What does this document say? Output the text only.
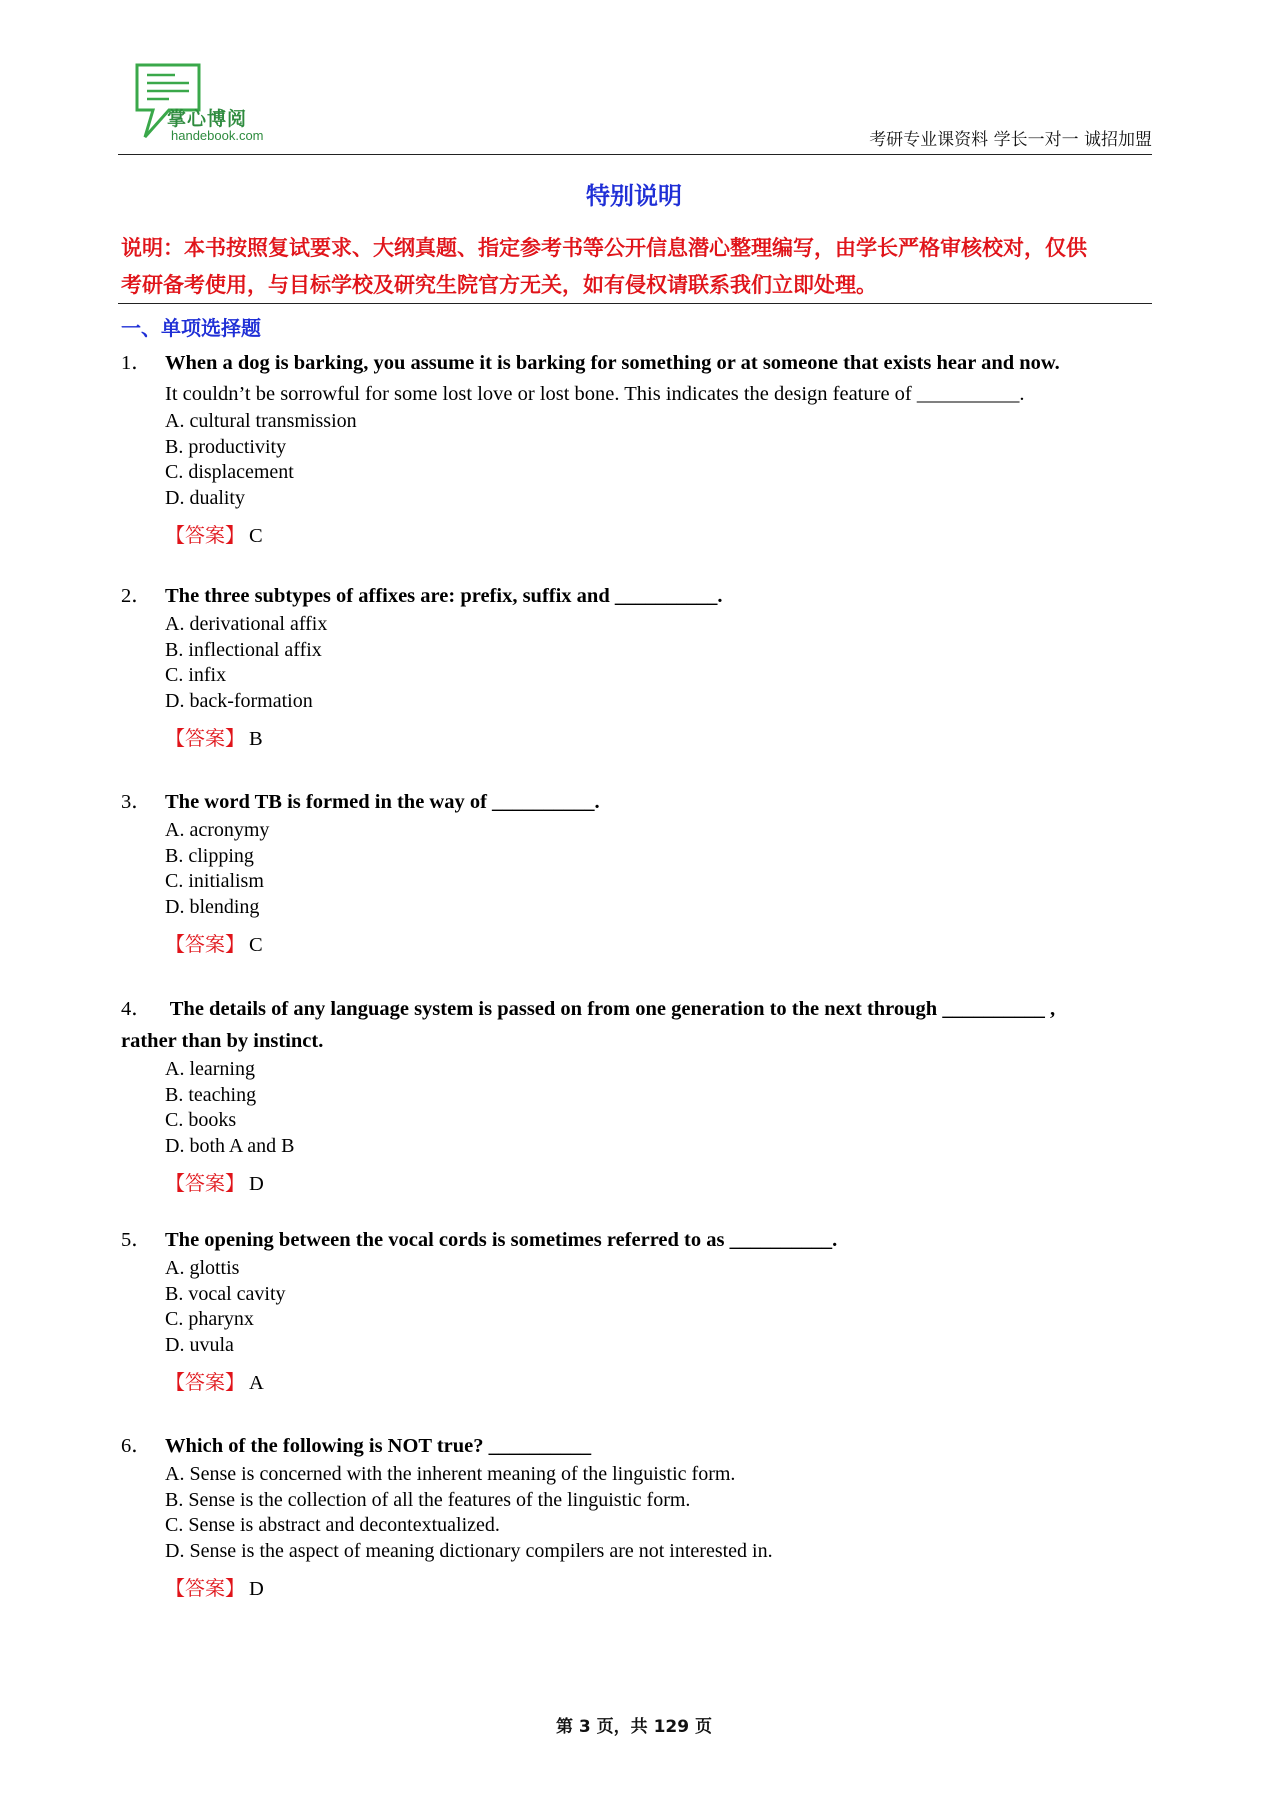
掌心博阅
handebook.com	考研专业课资料 学长一对一 诚招加盟
特别说明
说明：本书按照复试要求、大纲真题、指定参考书等公开信息潜心整理编写，由学长严格审核校对，仅供
考研备考使用，与目标学校及研究生院官方无关，如有侵权请联系我们立即处理。
一、单项选择题
1． When a dog is barking, you assume it is barking for something or at someone that exists hear and now.
It couldn’t be sorrowful for some lost love or lost bone. This indicates the design feature of __________.
A. cultural transmission
B. productivity
C. displacement
D. duality
【答案】 C
2． The three subtypes of affixes are: prefix, suffix and __________.
A. derivational affix
B. inflectional affix
C. infix
D. back-formation
【答案】 B
3． The word TB is formed in the way of __________.
A. acronymy
B. clipping
C. initialism
D. blending
【答案】 C
4． The details of any language system is passed on from one generation to the next through __________ ,
rather than by instinct.
A. learning
B. teaching
C. books
D. both A and B
【答案】 D
5． The opening between the vocal cords is sometimes referred to as __________.
A. glottis
B. vocal cavity
C. pharynx
D. uvula
【答案】 A
6． Which of the following is NOT true? __________
A. Sense is concerned with the inherent meaning of the linguistic form.
B. Sense is the collection of all the features of the linguistic form.
C. Sense is abstract and decontextualized.
D. Sense is the aspect of meaning dictionary compilers are not interested in.
【答案】 D
第 3 页，共 129 页
